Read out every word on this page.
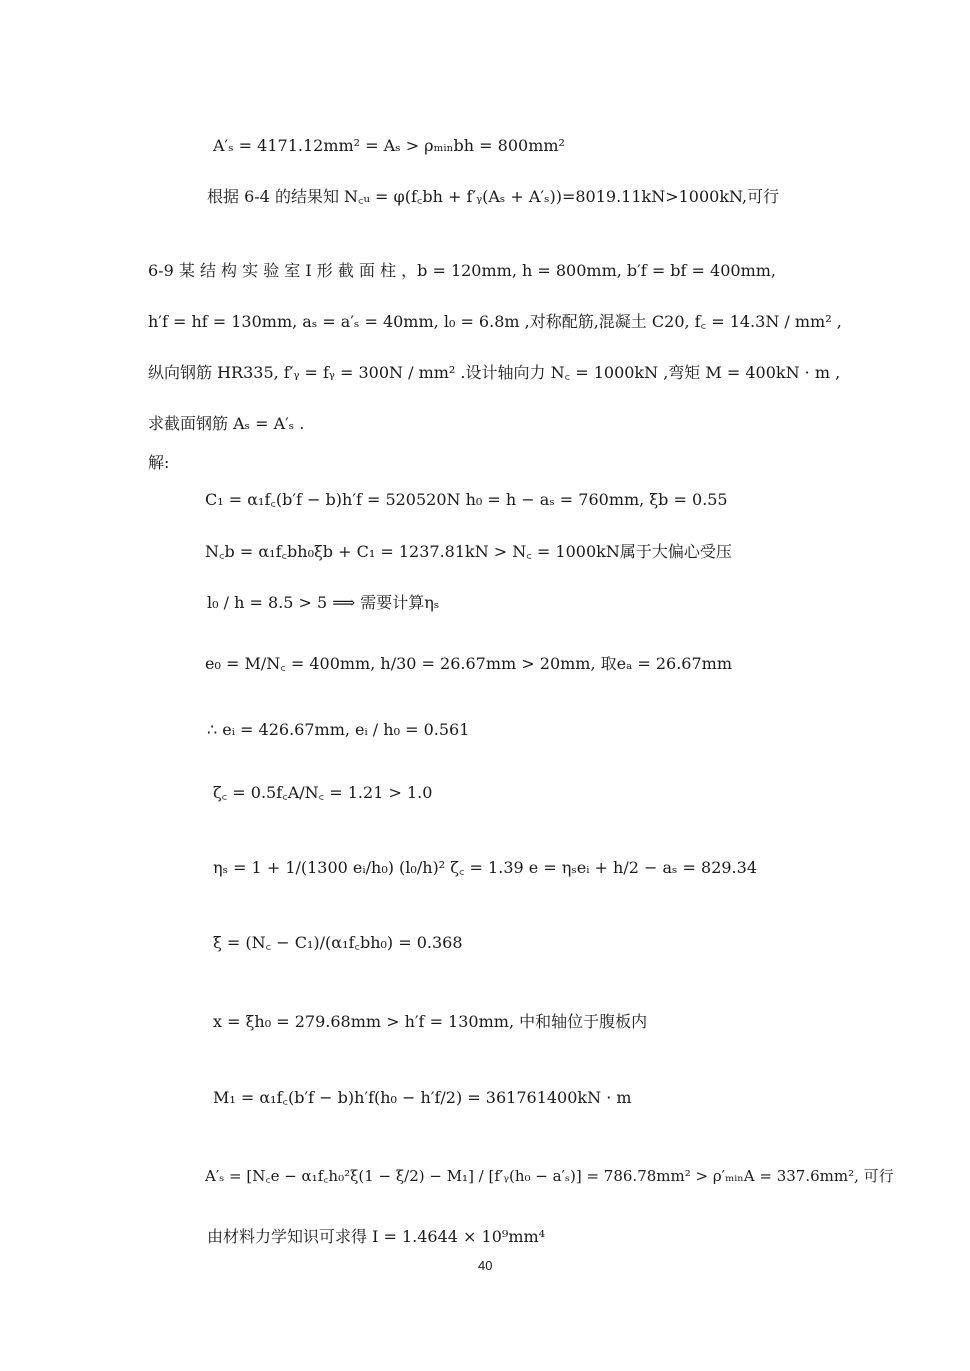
A′ₛ = 4171.12mm² = Aₛ > ρₘᵢₙbh = 800mm²
根据 6-4 的结果知 N꜀ᵤ = φ(f꜀bh + f′ᵧ(Aₛ + A′ₛ))=8019.11kN>1000kN,可行
6-9 某 结 构 实 验 室 I 形 截 面 柱 ，b = 120mm, h = 800mm, b′f = bf = 400mm,
h′f = hf = 130mm, aₛ = a′ₛ = 40mm, l₀ = 6.8m ,对称配筋,混凝土 C20, f꜀ = 14.3N / mm² ,
纵向钢筋 HR335, f′ᵧ = fᵧ = 300N / mm² .设计轴向力 N꜀ = 1000kN ,弯矩 M = 400kN · m ,
求截面钢筋 Aₛ = A′ₛ .
解:
C₁ = α₁f꜀(b′f − b)h′f = 520520N h₀ = h − aₛ = 760mm, ξb = 0.55
N꜀b = α₁f꜀bh₀ξb + C₁ = 1237.81kN > N꜀ = 1000kN属于大偏心受压
l₀ / h = 8.5 > 5 ⟹ 需要计算ηₛ
e₀ = M/N꜀ = 400mm, h/30 = 26.67mm > 20mm, 取eₐ = 26.67mm
∴ eᵢ = 426.67mm, eᵢ / h₀ = 0.561
ζ꜀ = 0.5f꜀A/N꜀ = 1.21 > 1.0
ηₛ = 1 + 1/(1300 eᵢ/h₀) (l₀/h)² ζ꜀ = 1.39 e = ηₛeᵢ + h/2 − aₛ = 829.34
ξ = (N꜀ − C₁)/(α₁f꜀bh₀) = 0.368
x = ξh₀ = 279.68mm > h′f = 130mm, 中和轴位于腹板内
M₁ = α₁f꜀(b′f − b)h′f(h₀ − h′f/2) = 361761400kN · m
A′ₛ = [N꜀e − α₁f꜀h₀²ξ(1 − ξ/2) − M₁] / [f′ᵧ(h₀ − a′ₛ)] = 786.78mm² > ρ′ₘᵢₙA = 337.6mm², 可行
由材料力学知识可求得 I = 1.4644 × 10⁹mm⁴
40
